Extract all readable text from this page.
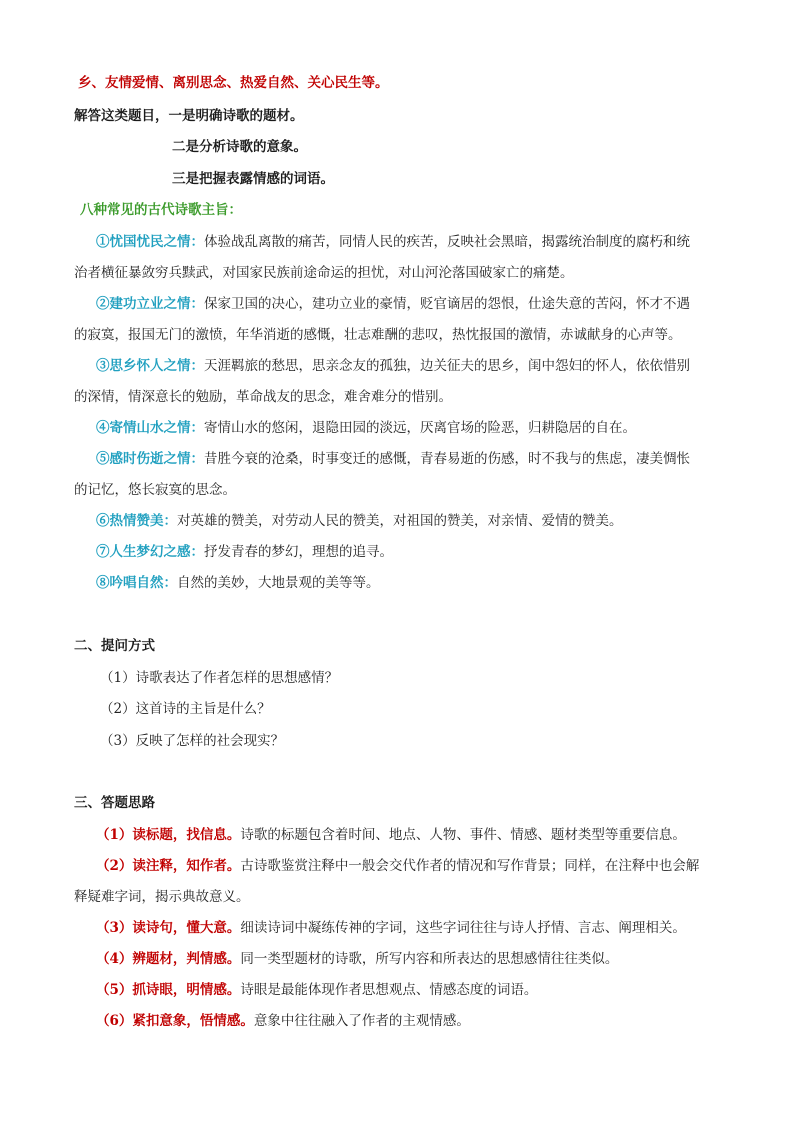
乡、友情爱情、离别思念、热爱自然、关心民生等。
解答这类题目，一是明确诗歌的题材。
二是分析诗歌的意象。
三是把握表露情感的词语。
八种常见的古代诗歌主旨：
①忧国忧民之情：体验战乱离散的痛苦，同情人民的疾苦，反映社会黑暗，揭露统治制度的腐朽和统
治者横征暴敛穷兵黩武，对国家民族前途命运的担忧，对山河沦落国破家亡的痛楚。
②建功立业之情：保家卫国的决心，建功立业的豪情，贬官谪居的怨恨，仕途失意的苦闷，怀才不遇
的寂寞，报国无门的激愤，年华消逝的感慨，壮志难酬的悲叹，热忱报国的激情，赤诚献身的心声等。
③思乡怀人之情：天涯羁旅的愁思，思亲念友的孤独，边关征夫的思乡，闺中怨妇的怀人，依依惜别
的深情，情深意长的勉励，革命战友的思念，难舍难分的惜别。
④寄情山水之情：寄情山水的悠闲，退隐田园的淡远，厌离官场的险恶，归耕隐居的自在。
⑤感时伤逝之情：昔胜今衰的沧桑，时事变迁的感慨，青春易逝的伤感，时不我与的焦虑，凄美惆怅
的记忆，悠长寂寞的思念。
⑥热情赞美：对英雄的赞美，对劳动人民的赞美，对祖国的赞美，对亲情、爱情的赞美。
⑦人生梦幻之感：抒发青春的梦幻，理想的追寻。
⑧吟唱自然：自然的美妙，大地景观的美等等。
二、提问方式
（1）诗歌表达了作者怎样的思想感情？
（2）这首诗的主旨是什么？
（3）反映了怎样的社会现实？
三、答题思路
（1）读标题，找信息。诗歌的标题包含着时间、地点、人物、事件、情感、题材类型等重要信息。
（2）读注释，知作者。古诗歌鉴赏注释中一般会交代作者的情况和写作背景；同样，在注释中也会解
释疑难字词，揭示典故意义。
（3）读诗句，懂大意。细读诗词中凝练传神的字词，这些字词往往与诗人抒情、言志、阐理相关。
（4）辨题材，判情感。同一类型题材的诗歌，所写内容和所表达的思想感情往往类似。
（5）抓诗眼，明情感。诗眼是最能体现作者思想观点、情感态度的词语。
（6）紧扣意象，悟情感。意象中往往融入了作者的主观情感。
